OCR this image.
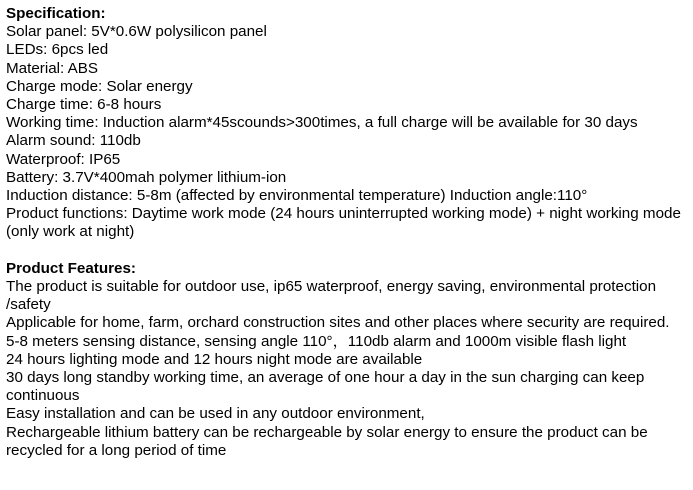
Specification:

Solar panel: 5V*0.6W polysilicon panel

LEDs: 6pcs led

Material: ABS

Charge mode: Solar energy

Charge time: 6-8 hours

Working time: Induction alarm*45scounds>300times, a full charge will be available for 30 days

Alarm sound: 110db

Waterproof: IP65

Battery: 3.7V*400mah polymer lithium-ion

Induction distance: 5-8m (affected by environmental temperature) Induction angle:110°

Product functions: Daytime work mode (24 hours uninterrupted working mode) + night working mode (only work at night)

Product Features:

The product is suitable for outdoor use, ip65 waterproof, energy saving, environmental protection /safety

Applicable for home, farm, orchard construction sites and other places where security are required.

5-8 meters sensing distance, sensing angle 110°，110db alarm and 1000m visible flash light

24 hours lighting mode and 12 hours night mode are available

30 days long standby working time, an average of one hour a day in the sun charging can keep continuous

Easy installation and can be used in any outdoor environment,

Rechargeable lithium battery can be rechargeable by solar energy to ensure the product can be recycled for a long period of time
